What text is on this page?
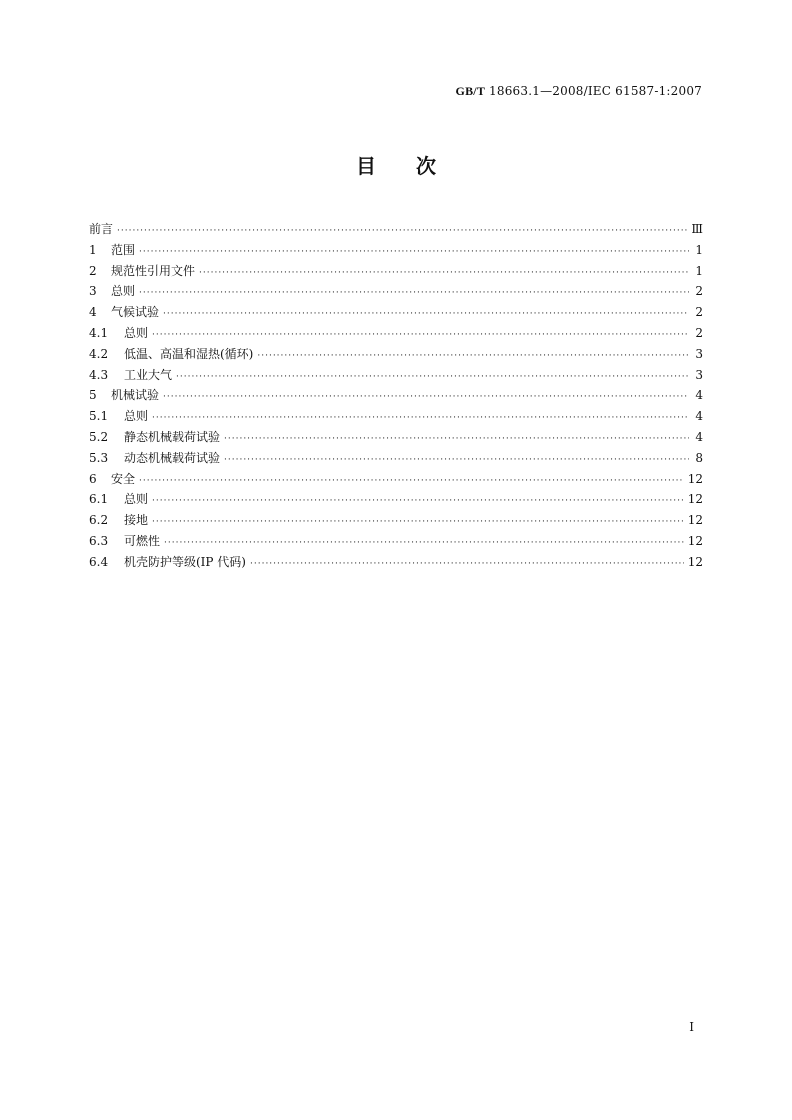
GB/T 18663.1—2008/IEC 61587-1:2007
目次
前言 ·····	Ⅲ
1	范围 ·····	1
2	规范性引用文件 ·····	1
3	总则 ·····	2
4	气候试验 ·····	2
4.1	总则 ·····	2
4.2	低温、高温和湿热(循环) ·····	3
4.3	工业大气 ·····	3
5	机械试验 ·····	4
5.1	总则 ·····	4
5.2	静态机械载荷试验 ·····	4
5.3	动态机械载荷试验 ·····	8
6	安全 ·····	12
6.1	总则 ·····	12
6.2	接地 ·····	12
6.3	可燃性 ·····	12
6.4	机壳防护等级(IP 代码) ·····	12
I
